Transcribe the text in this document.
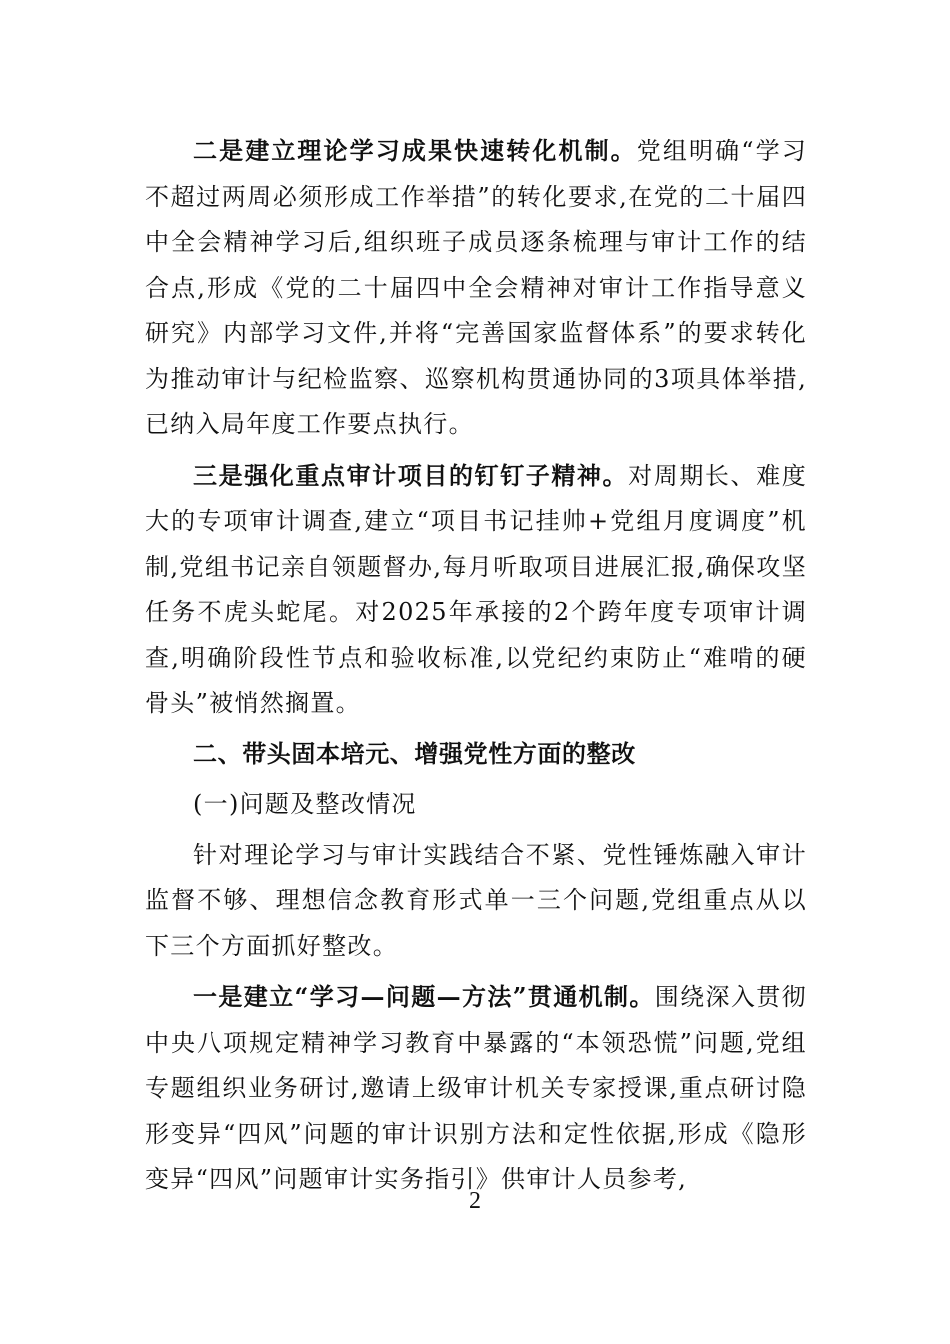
二是建立理论学习成果快速转化机制。党组明确“学习不超过两周必须形成工作举措”的转化要求,在党的二十届四中全会精神学习后,组织班子成员逐条梳理与审计工作的结合点,形成《党的二十届四中全会精神对审计工作指导意义研究》内部学习文件,并将“完善国家监督体系”的要求转化为推动审计与纪检监察、巡察机构贯通协同的3项具体举措,已纳入局年度工作要点执行。

三是强化重点审计项目的钉钉子精神。对周期长、难度大的专项审计调查,建立“项目书记挂帅+党组月度调度”机制,党组书记亲自领题督办,每月听取项目进展汇报,确保攻坚任务不虎头蛇尾。对2025年承接的2个跨年度专项审计调查,明确阶段性节点和验收标准,以党纪约束防止“难啃的硬骨头”被悄然搁置。

二、带头固本培元、增强党性方面的整改

(一)问题及整改情况

针对理论学习与审计实践结合不紧、党性锤炼融入审计监督不够、理想信念教育形式单一三个问题,党组重点从以下三个方面抓好整改。

一是建立“学习—问题—方法”贯通机制。围绕深入贯彻中央八项规定精神学习教育中暴露的“本领恐慌”问题,党组专题组织业务研讨,邀请上级审计机关专家授课,重点研讨隐形变异“四风”问题的审计识别方法和定性依据,形成《隐形变异“四风”问题审计实务指引》供审计人员参考,

2
